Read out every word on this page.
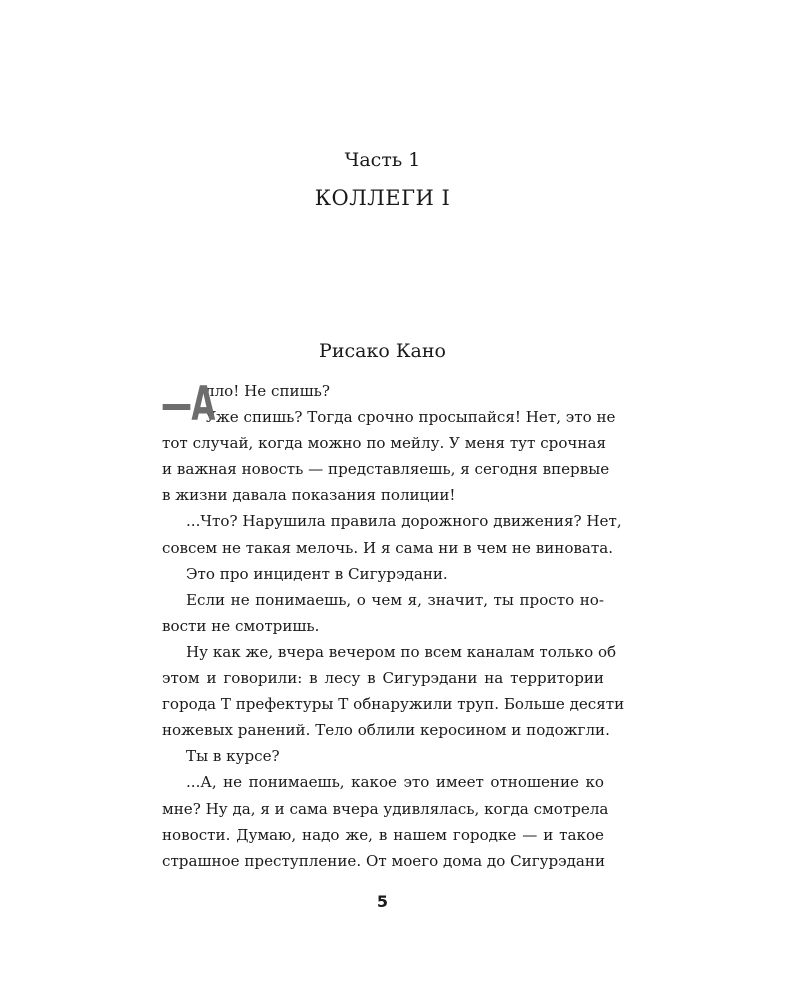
Часть 1
КОЛЛЕГИ I
Рисако Кано
—А
лло! Не спишь?
Уже спишь? Тогда срочно просыпайся! Нет, это не
тот случай, когда можно по мейлу. У меня тут срочная
и важная новость — представляешь, я сегодня впервые
в жизни давала показания полиции!
...Что? Нарушила правила дорожного движения? Нет,
совсем не такая мелочь. И я сама ни в чем не виновата.
Это про инцидент в Сигурэдани.
Если не понимаешь, о чем я, значит, ты просто но-
вости не смотришь.
Ну как же, вчера вечером по всем каналам только об
этом и говорили: в лесу в Сигурэдани на территории
города Т префектуры Т обнаружили труп. Больше десяти
ножевых ранений. Тело облили керосином и подожгли.
Ты в курсе?
...А, не понимаешь, какое это имеет отношение ко
мне? Ну да, я и сама вчера удивлялась, когда смотрела
новости. Думаю, надо же, в нашем городке — и такое
страшное преступление. От моего дома до Сигурэдани
5
